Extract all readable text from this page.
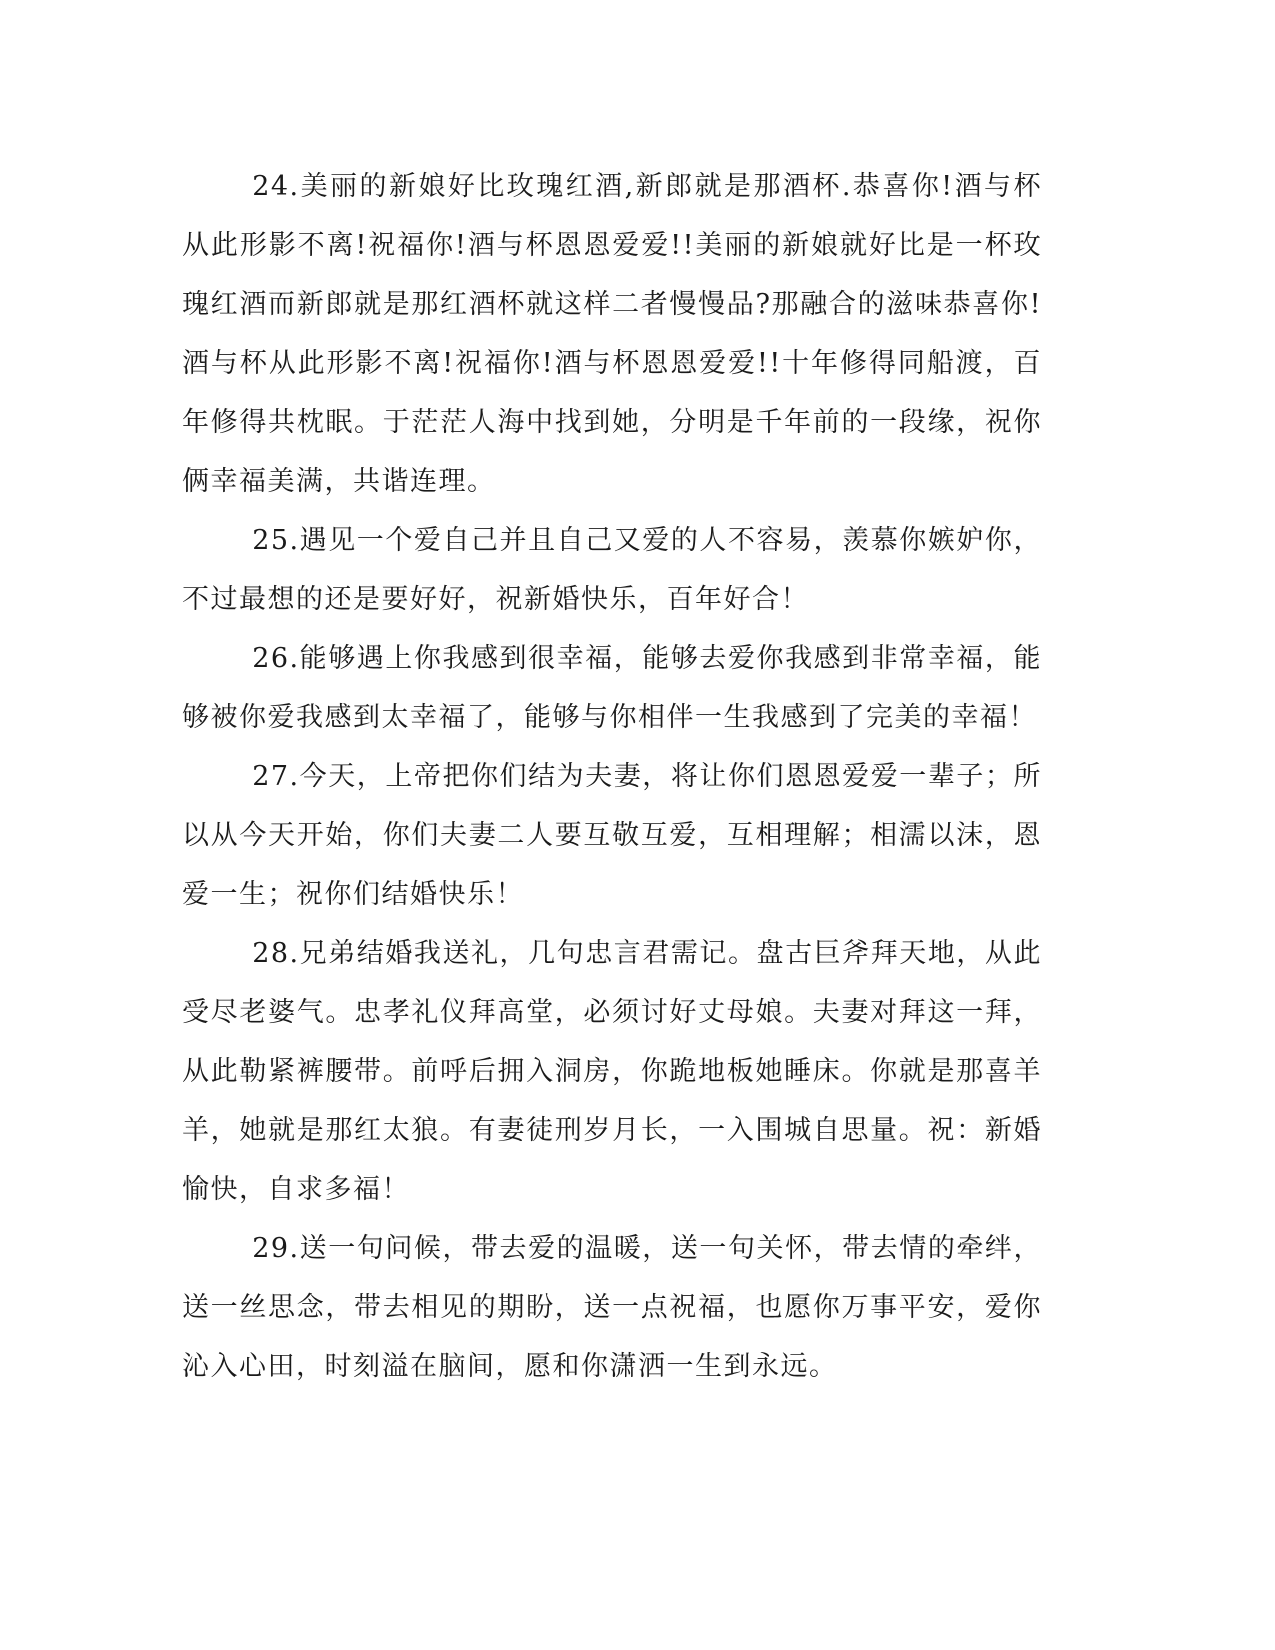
24.美丽的新娘好比玫瑰红酒,新郎就是那酒杯.恭喜你!酒与杯从此形影不离!祝福你!酒与杯恩恩爱爱!!美丽的新娘就好比是一杯玫瑰红酒而新郎就是那红酒杯就这样二者慢慢品?那融合的滋味恭喜你!酒与杯从此形影不离!祝福你!酒与杯恩恩爱爱!!十年修得同船渡，百年修得共枕眠。于茫茫人海中找到她，分明是千年前的一段缘，祝你俩幸福美满，共谐连理。

25.遇见一个爱自己并且自己又爱的人不容易，羡慕你嫉妒你，不过最想的还是要好好，祝新婚快乐，百年好合！

26.能够遇上你我感到很幸福，能够去爱你我感到非常幸福，能够被你爱我感到太幸福了，能够与你相伴一生我感到了完美的幸福！

27.今天，上帝把你们结为夫妻，将让你们恩恩爱爱一辈子；所以从今天开始，你们夫妻二人要互敬互爱，互相理解；相濡以沫，恩爱一生；祝你们结婚快乐！

28.兄弟结婚我送礼，几句忠言君需记。盘古巨斧拜天地，从此受尽老婆气。忠孝礼仪拜高堂，必须讨好丈母娘。夫妻对拜这一拜，从此勒紧裤腰带。前呼后拥入洞房，你跪地板她睡床。你就是那喜羊羊，她就是那红太狼。有妻徒刑岁月长，一入围城自思量。祝：新婚愉快，自求多福！

29.送一句问候，带去爱的温暖，送一句关怀，带去情的牵绊，送一丝思念，带去相见的期盼，送一点祝福，也愿你万事平安，爱你沁入心田，时刻溢在脑间，愿和你潇洒一生到永远。
